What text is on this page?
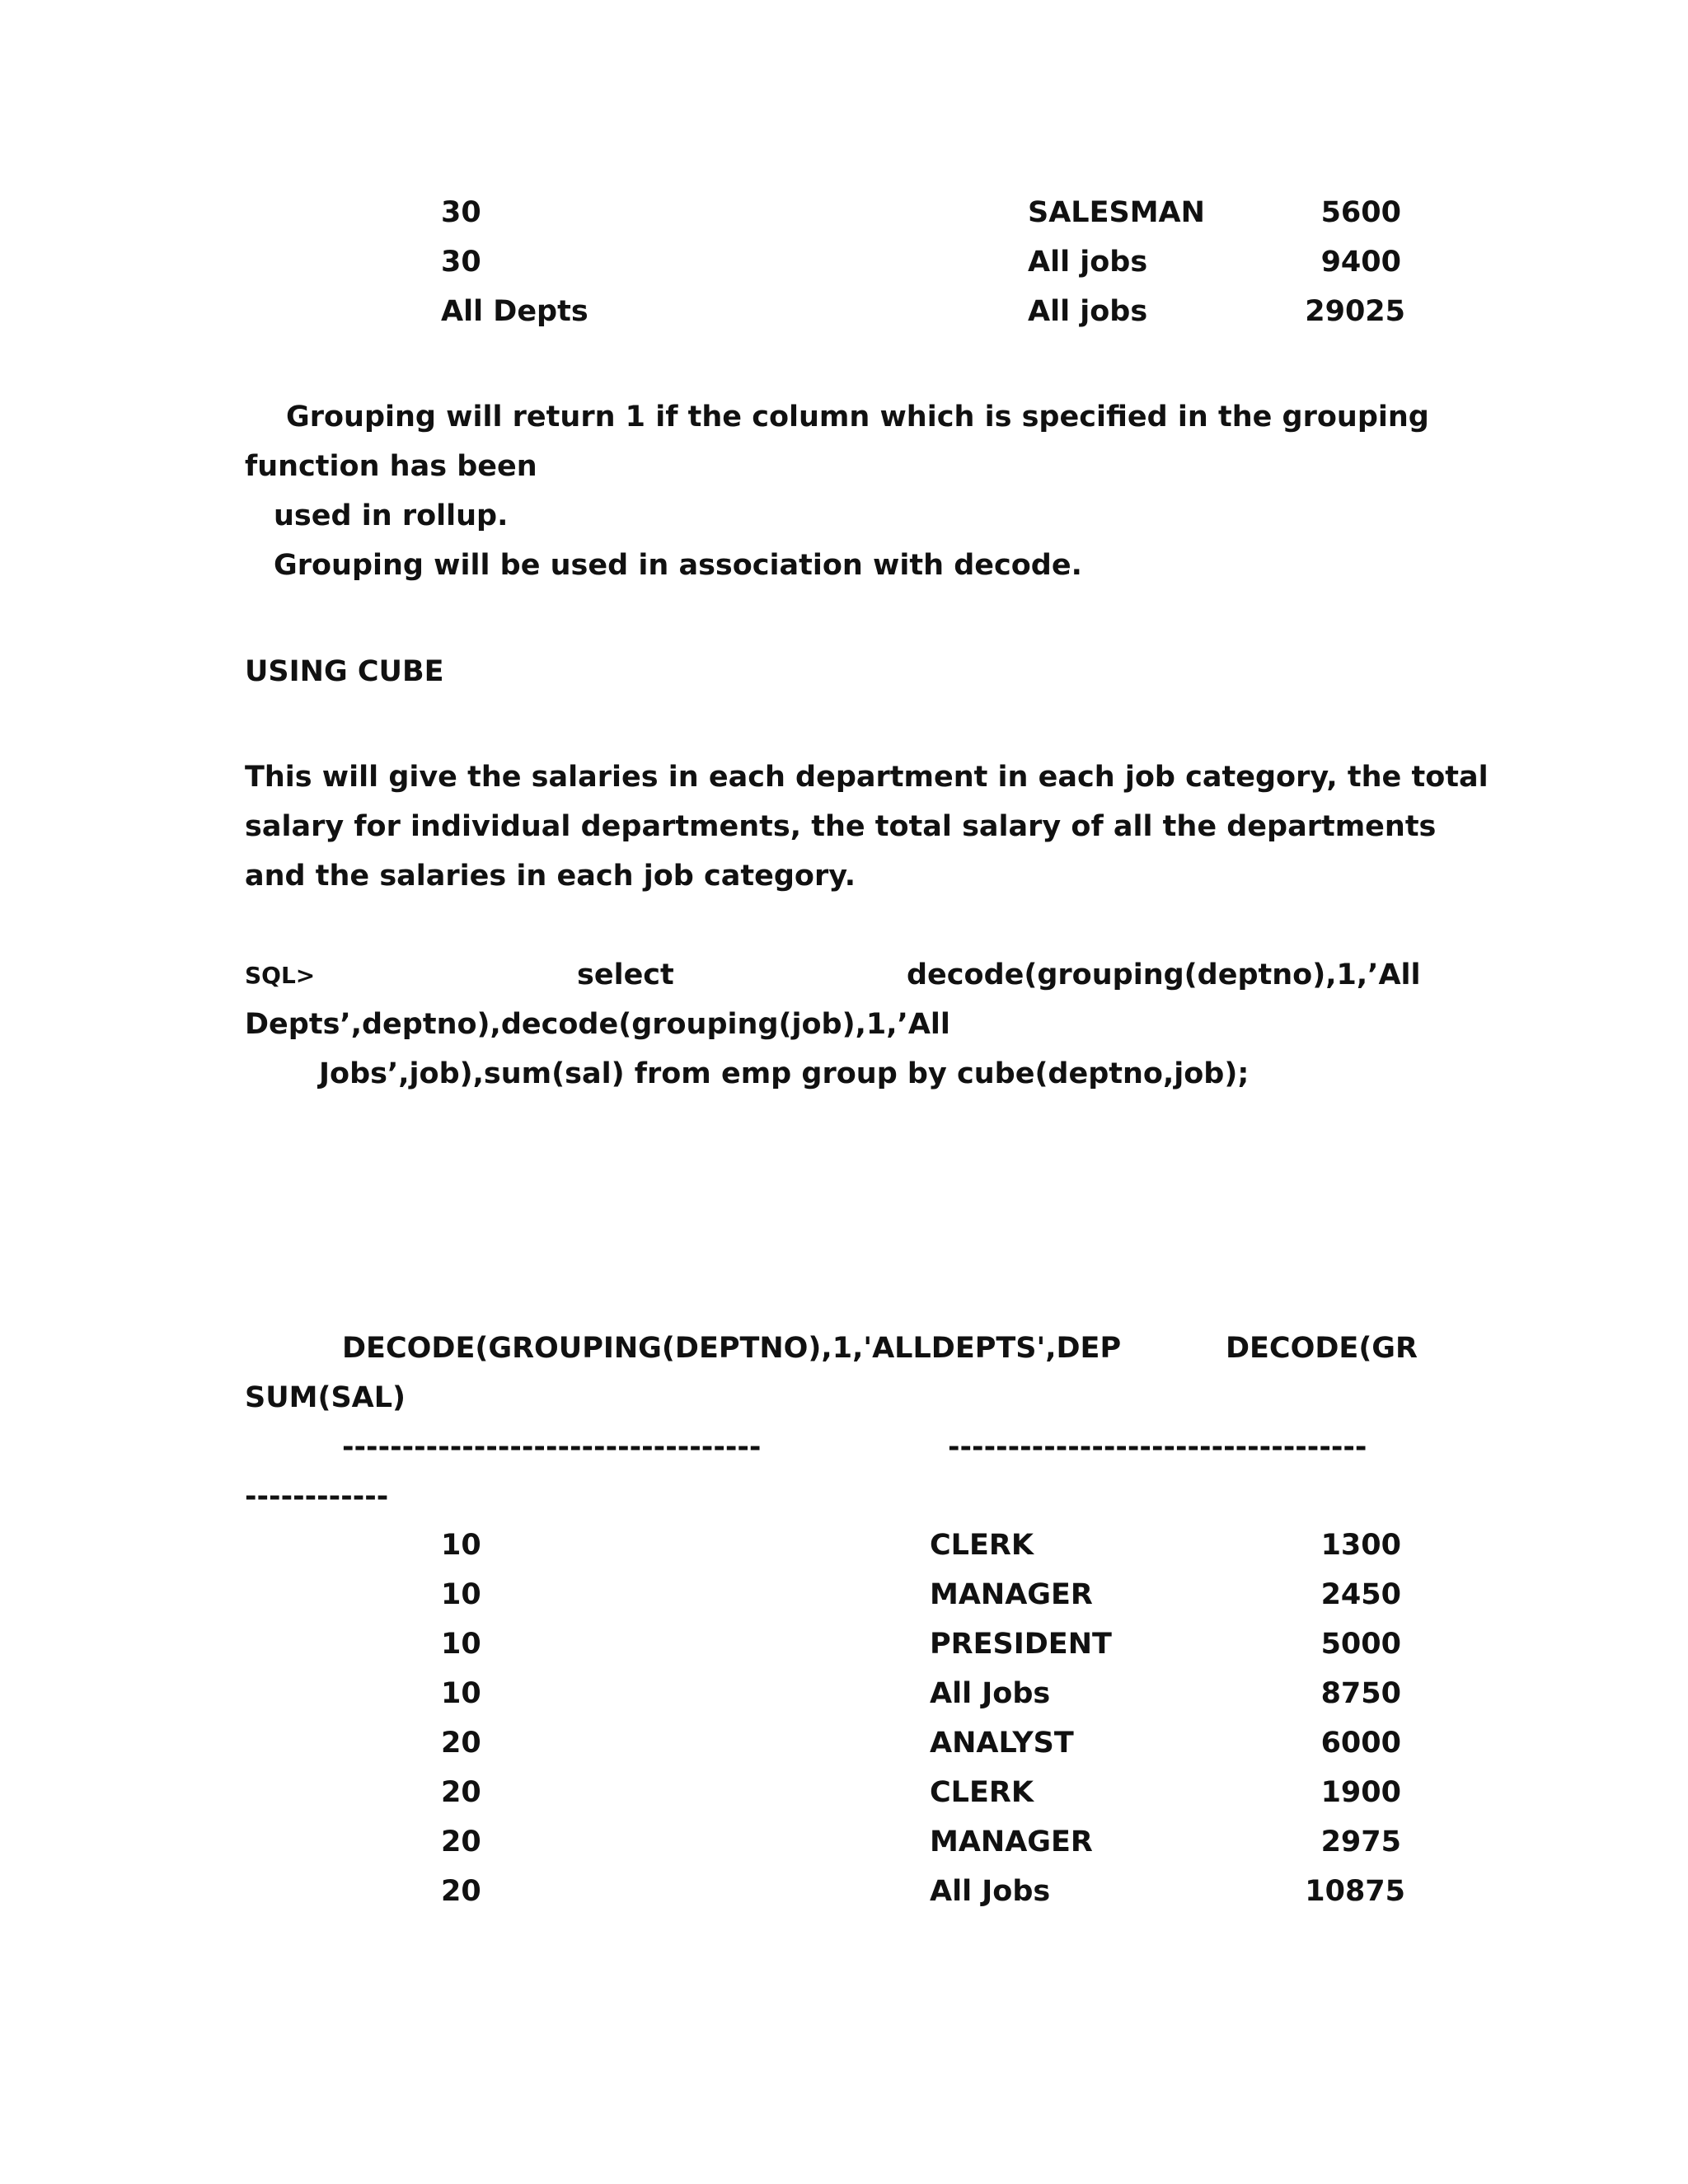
30	SALESMAN	5600
30	All jobs	9400
All Depts	All jobs	29025
Grouping will return 1 if the column which is specified in the grouping
function has been
used in rollup.
Grouping will be used in association with decode.
USING CUBE
This will give the salaries in each department in each job category, the total
salary for individual departments, the total salary of all the departments
and the salaries in each job category.
SQL>	select	decode(grouping(deptno),1,’All
Depts’,deptno),decode(grouping(job),1,’All
Jobs’,job),sum(sal) from emp group by cube(deptno,job);
DECODE(GROUPING(DEPTNO),1,'ALLDEPTS',DEP	DECODE(GR
SUM(SAL)
-----------------------------------	-----------------------------------
------------
10	CLERK	1300
10	MANAGER	2450
10	PRESIDENT	5000
10	All Jobs	8750
20	ANALYST	6000
20	CLERK	1900
20	MANAGER	2975
20	All Jobs	10875
